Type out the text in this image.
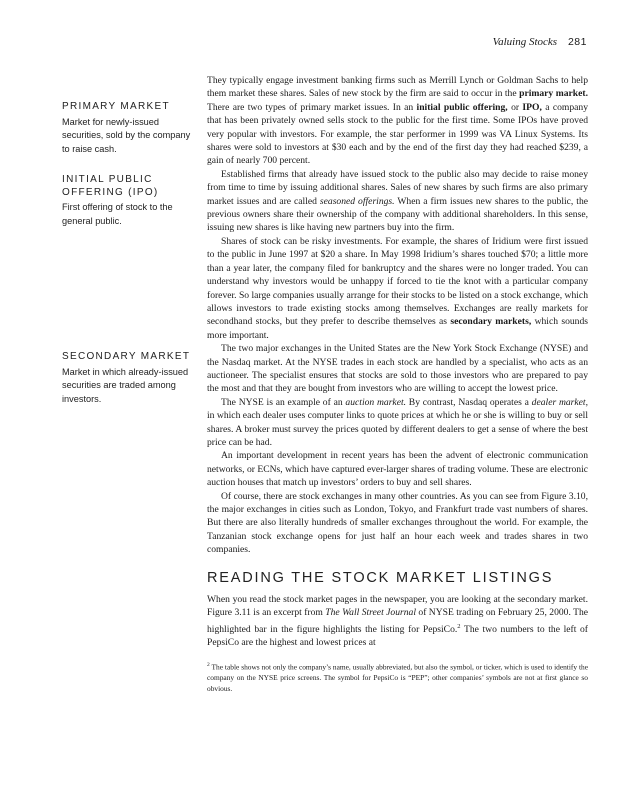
Valuing Stocks 281
PRIMARY MARKET
Market for newly-issued securities, sold by the company to raise cash.
INITIAL PUBLIC OFFERING (IPO)
First offering of stock to the general public.
SECONDARY MARKET
Market in which already-issued securities are traded among investors.

They typically engage investment banking firms such as Merrill Lynch or Goldman Sachs to help them market these shares. Sales of new stock by the firm are said to occur in the primary market. There are two types of primary market issues. In an initial public offering, or IPO, a company that has been privately owned sells stock to the public for the first time. Some IPOs have proved very popular with investors. For example, the star performer in 1999 was VA Linux Systems. Its shares were sold to investors at $30 each and by the end of the first day they had reached $239, a gain of nearly 700 percent.

Established firms that already have issued stock to the public also may decide to raise money from time to time by issuing additional shares. Sales of new shares by such firms are also primary market issues and are called seasoned offerings. When a firm issues new shares to the public, the previous owners share their ownership of the company with additional shareholders. In this sense, issuing new shares is like having new partners buy into the firm.

Shares of stock can be risky investments. For example, the shares of Iridium were first issued to the public in June 1997 at $20 a share. In May 1998 Iridium’s shares touched $70; a little more than a year later, the company filed for bankruptcy and the shares were no longer traded. You can understand why investors would be unhappy if forced to tie the knot with a particular company forever. So large companies usually arrange for their stocks to be listed on a stock exchange, which allows investors to trade existing stocks among themselves. Exchanges are really markets for secondhand stocks, but they prefer to describe themselves as secondary markets, which sounds more important.

The two major exchanges in the United States are the New York Stock Exchange (NYSE) and the Nasdaq market. At the NYSE trades in each stock are handled by a specialist, who acts as an auctioneer. The specialist ensures that stocks are sold to those investors who are prepared to pay the most and that they are bought from investors who are willing to accept the lowest price.

The NYSE is an example of an auction market. By contrast, Nasdaq operates a dealer market, in which each dealer uses computer links to quote prices at which he or she is willing to buy or sell shares. A broker must survey the prices quoted by different dealers to get a sense of where the best price can be had.

An important development in recent years has been the advent of electronic communication networks, or ECNs, which have captured ever-larger shares of trading volume. These are electronic auction houses that match up investors’ orders to buy and sell shares.

Of course, there are stock exchanges in many other countries. As you can see from Figure 3.10, the major exchanges in cities such as London, Tokyo, and Frankfurt trade vast numbers of shares. But there are also literally hundreds of smaller exchanges throughout the world. For example, the Tanzanian stock exchange opens for just half an hour each week and trades shares in two companies.

READING THE STOCK MARKET LISTINGS

When you read the stock market pages in the newspaper, you are looking at the secondary market. Figure 3.11 is an excerpt from The Wall Street Journal of NYSE trading on February 25, 2000. The highlighted bar in the figure highlights the listing for PepsiCo.$^2$ The two numbers to the left of PepsiCo are the highest and lowest prices at

$^2$ The table shows not only the company’s name, usually abbreviated, but also the symbol, or ticker, which is used to identify the company on the NYSE price screens. The symbol for PepsiCo is “PEP”; other companies’ symbols are not at first glance so obvious.
